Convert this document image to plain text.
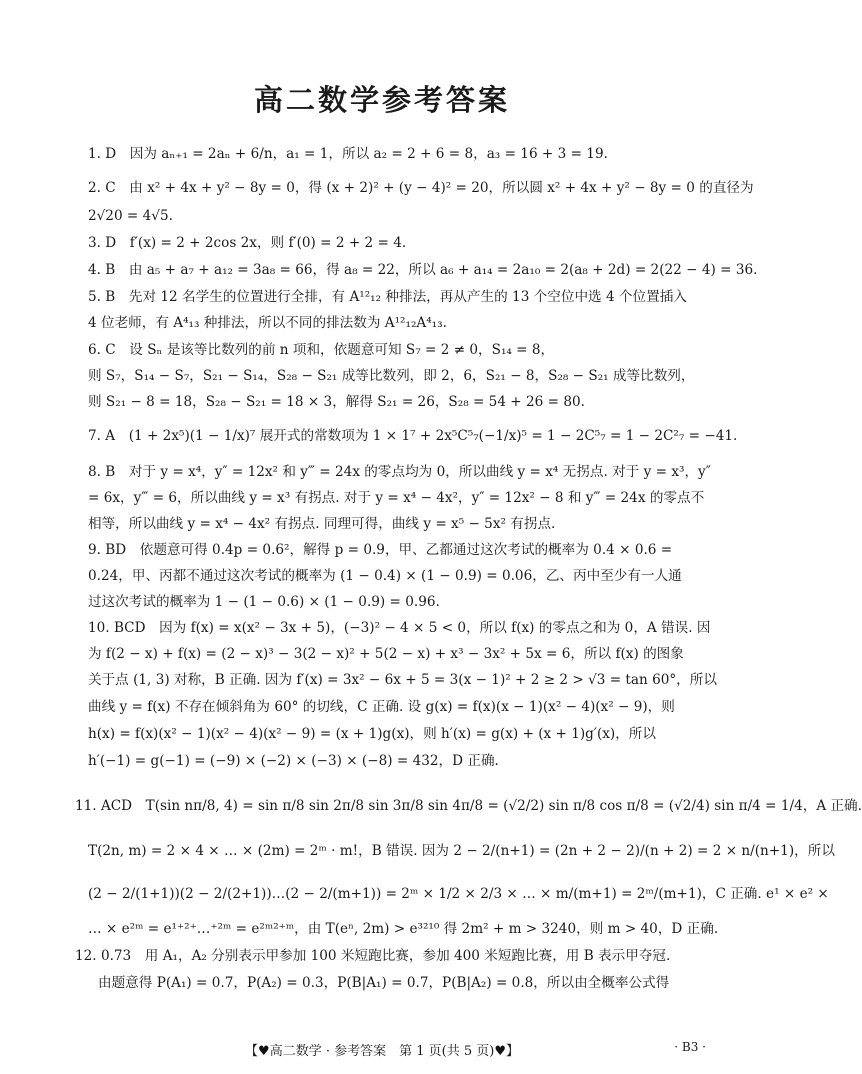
高二数学参考答案
1. D　因为 aₙ₊₁ = 2aₙ + 6/n，a₁ = 1，所以 a₂ = 2 + 6 = 8，a₃ = 16 + 3 = 19.
2. C　由 x² + 4x + y² − 8y = 0，得 (x + 2)² + (y − 4)² = 20，所以圆 x² + 4x + y² − 8y = 0 的直径为
2√20 = 4√5.
3. D　f′(x) = 2 + 2cos 2x，则 f′(0) = 2 + 2 = 4.
4. B　由 a₅ + a₇ + a₁₂ = 3a₈ = 66，得 a₈ = 22，所以 a₆ + a₁₄ = 2a₁₀ = 2(a₈ + 2d) = 2(22 − 4) = 36.
5. B　先对 12 名学生的位置进行全排，有 A¹²₁₂ 种排法，再从产生的 13 个空位中选 4 个位置插入
4 位老师，有 A⁴₁₃ 种排法，所以不同的排法数为 A¹²₁₂A⁴₁₃.
6. C　设 Sₙ 是该等比数列的前 n 项和，依题意可知 S₇ = 2 ≠ 0，S₁₄ = 8，
则 S₇，S₁₄ − S₇，S₂₁ − S₁₄，S₂₈ − S₂₁ 成等比数列，即 2，6，S₂₁ − 8，S₂₈ − S₂₁ 成等比数列，
则 S₂₁ − 8 = 18，S₂₈ − S₂₁ = 18 × 3，解得 S₂₁ = 26，S₂₈ = 54 + 26 = 80.
7. A　(1 + 2x⁵)(1 − 1/x)⁷ 展开式的常数项为 1 × 1⁷ + 2x⁵C⁵₇(−1/x)⁵ = 1 − 2C⁵₇ = 1 − 2C²₇ = −41.
8. B　对于 y = x⁴，y″ = 12x² 和 y‴ = 24x 的零点均为 0，所以曲线 y = x⁴ 无拐点. 对于 y = x³，y″
= 6x，y‴ = 6，所以曲线 y = x³ 有拐点. 对于 y = x⁴ − 4x²，y″ = 12x² − 8 和 y‴ = 24x 的零点不
相等，所以曲线 y = x⁴ − 4x² 有拐点. 同理可得，曲线 y = x⁵ − 5x² 有拐点.
9. BD　依题意可得 0.4p = 0.6²，解得 p = 0.9，甲、乙都通过这次考试的概率为 0.4 × 0.6 =
0.24，甲、丙都不通过这次考试的概率为 (1 − 0.4) × (1 − 0.9) = 0.06，乙、丙中至少有一人通
过这次考试的概率为 1 − (1 − 0.6) × (1 − 0.9) = 0.96.
10. BCD　因为 f(x) = x(x² − 3x + 5)，(−3)² − 4 × 5 < 0，所以 f(x) 的零点之和为 0，A 错误. 因
为 f(2 − x) + f(x) = (2 − x)³ − 3(2 − x)² + 5(2 − x) + x³ − 3x² + 5x = 6，所以 f(x) 的图象
关于点 (1, 3) 对称，B 正确. 因为 f′(x) = 3x² − 6x + 5 = 3(x − 1)² + 2 ≥ 2 > √3 = tan 60°，所以
曲线 y = f(x) 不存在倾斜角为 60° 的切线，C 正确. 设 g(x) = f(x)(x − 1)(x² − 4)(x² − 9)，则
h(x) = f(x)(x² − 1)(x² − 4)(x² − 9) = (x + 1)g(x)，则 h′(x) = g(x) + (x + 1)g′(x)，所以
h′(−1) = g(−1) = (−9) × (−2) × (−3) × (−8) = 432，D 正确.
11. ACD　T(sin nπ/8, 4) = sin π/8 sin 2π/8 sin 3π/8 sin 4π/8 = (√2/2) sin π/8 cos π/8 = (√2/4) sin π/4 = 1/4，A 正确.
T(2n, m) = 2 × 4 × … × (2m) = 2ᵐ · m!，B 错误. 因为 2 − 2/(n+1) = (2n + 2 − 2)/(n + 2) = 2 × n/(n+1)，所以
(2 − 2/(1+1))(2 − 2/(2+1))…(2 − 2/(m+1)) = 2ᵐ × 1/2 × 2/3 × … × m/(m+1) = 2ᵐ/(m+1)，C 正确. e¹ × e² ×
… × e²ᵐ = e¹⁺²⁺…⁺²ᵐ = e²ᵐ²⁺ᵐ，由 T(eⁿ, 2m) > e³²¹⁰ 得 2m² + m > 3240，则 m > 40，D 正确.
12. 0.73　用 A₁，A₂ 分别表示甲参加 100 米短跑比赛，参加 400 米短跑比赛，用 B 表示甲夺冠.
由题意得 P(A₁) = 0.7，P(A₂) = 0.3，P(B|A₁) = 0.7，P(B|A₂) = 0.8，所以由全概率公式得
【♥高二数学 · 参考答案　第 1 页(共 5 页)♥】	· B3 ·
